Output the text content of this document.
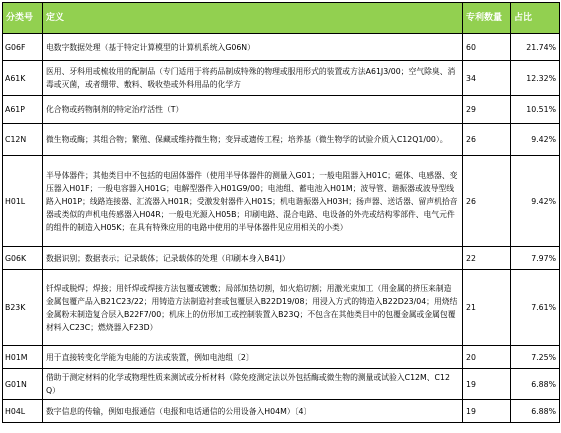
分类号	定义	专利数量	占比
G06F	电数字数据处理（基于特定计算模型的计算机系统入G06N）	60	21.74%
A61K	医用、牙科用或梳妆用的配制品（专门适用于将药品制成特殊的物理或服用形式的装置或方法A61J3/00；空气除臭、消毒或灭菌，或者绷带、敷料、吸收垫或外科用品的化学方	34	12.32%
A61P	化合物或药物制剂的特定治疗活性（T）	29	10.51%
C12N	微生物或酶；其组合物；繁殖、保藏或维持微生物；变异或遗传工程；培养基（微生物学的试验介质入C12Q1/00）。	26	9.42%
H01L	半导体器件；其他类目中不包括的电固体器件（使用半导体器件的测量入G01；一般电阻器入H01C；磁体、电感器、变压器入H01F；一般电容器入H01G；电解型器件入H01G9/00；电池组、蓄电池入H01M；波导管、谐振器或波导型线路入H01P；线路连接器、汇流器入H01R；受激发射器件入H01S；机电谐振器入H03H；扬声器、送话器、留声机拾音器或类似的声机电传感器入H04R；一般电光源入H05B；印刷电路、混合电路、电设备的外壳或结构零部件、电气元件的组件的制造入H05K；在具有特殊应用的电路中使用的半导体器件见应用相关的小类）	26	9.42%
G06K	数据识别；数据表示；记录载体；记录载体的处理（印刷本身入B41J）	22	7.97%
B23K	钎焊或脱焊；焊接；用钎焊或焊接方法包覆或镀敷；局部加热切割，如火焰切割；用激光束加工（用金属的挤压来制造金属包覆产品入B21C23/22；用铸造方法制造衬套或包覆层入B22D19/08；用浸入方式的铸造入B22D23/04；用烧结金属粉末制造复合层入B22F7/00；机床上的仿形加工或控制装置入B23Q；不包含在其他类目中的包覆金属或金属包覆材料入C23C；燃烧器入F23D）	21	7.61%
H01M	用于直接转变化学能为电能的方法或装置，例如电池组〔2〕	20	7.25%
G01N	借助于测定材料的化学或物理性质来测试或分析材料（除免疫测定法以外包括酶或微生物的测量或试验入C12M、C12Q）	19	6.88%
H04L	数字信息的传输，例如电报通信（电报和电话通信的公用设备入H04M）〔4〕	19	6.88%
